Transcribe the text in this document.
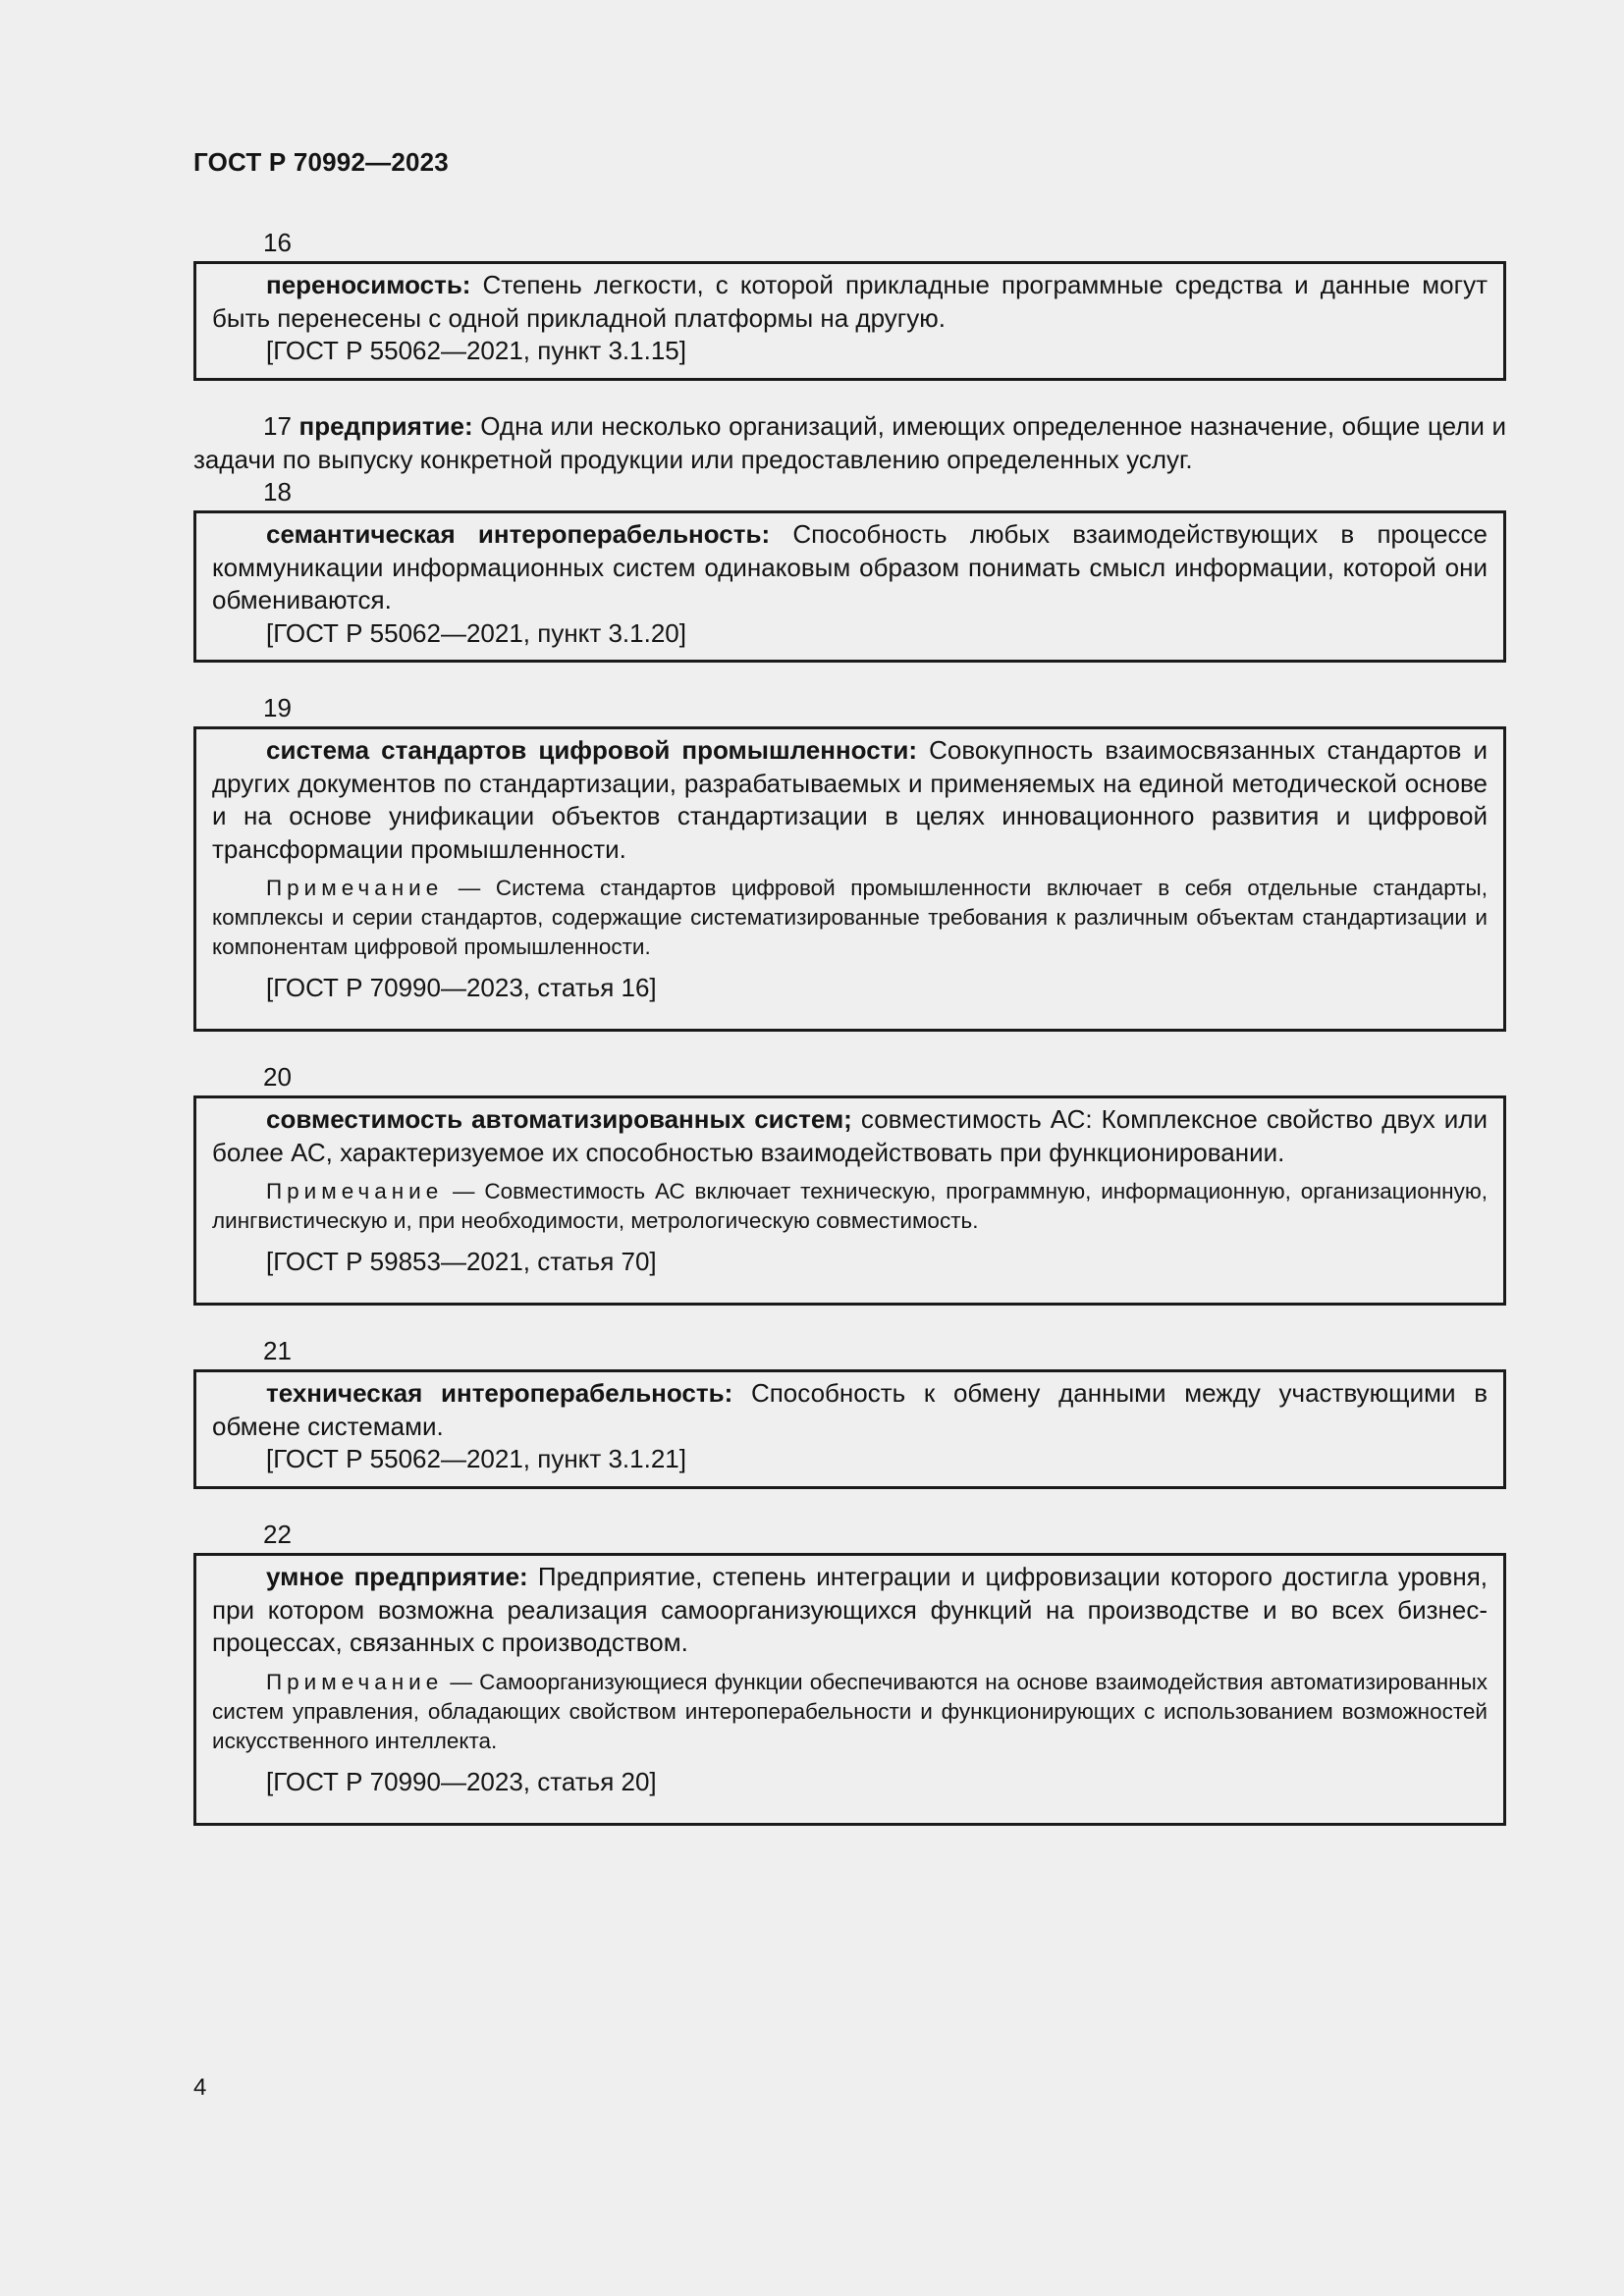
ГОСТ Р 70992—2023
16

переносимость: Степень легкости, с которой прикладные программные средства и данные могут быть перенесены с одной прикладной платформы на другую.

[ГОСТ Р 55062—2021, пункт 3.1.15]

17 предприятие: Одна или несколько организаций, имеющих определенное назначение, общие цели и задачи по выпуску конкретной продукции или предоставлению определенных услуг.

18

семантическая интероперабельность: Способность любых взаимодействующих в процессе коммуникации информационных систем одинаковым образом понимать смысл информации, которой они обмениваются.

[ГОСТ Р 55062—2021, пункт 3.1.20]

19

система стандартов цифровой промышленности: Совокупность взаимосвязанных стандартов и других документов по стандартизации, разрабатываемых и применяемых на единой методической основе и на основе унификации объектов стандартизации в целях инновационного развития и цифровой трансформации промышленности.

Примечание — Система стандартов цифровой промышленности включает в себя отдельные стандарты, комплексы и серии стандартов, содержащие систематизированные требования к различным объектам стандартизации и компонентам цифровой промышленности.

[ГОСТ Р 70990—2023, статья 16]

20

совместимость автоматизированных систем; совместимость АС: Комплексное свойство двух или более АС, характеризуемое их способностью взаимодействовать при функционировании.

Примечание — Совместимость АС включает техническую, программную, информационную, организационную, лингвистическую и, при необходимости, метрологическую совместимость.

[ГОСТ Р 59853—2021, статья 70]

21

техническая интероперабельность: Способность к обмену данными между участвующими в обмене системами.

[ГОСТ Р 55062—2021, пункт 3.1.21]

22

умное предприятие: Предприятие, степень интеграции и цифровизации которого достигла уровня, при котором возможна реализация самоорганизующихся функций на производстве и во всех бизнес-процессах, связанных с производством.

Примечание — Самоорганизующиеся функции обеспечиваются на основе взаимодействия автоматизированных систем управления, обладающих свойством интероперабельности и функционирующих с использованием возможностей искусственного интеллекта.

[ГОСТ Р 70990—2023, статья 20]

4
